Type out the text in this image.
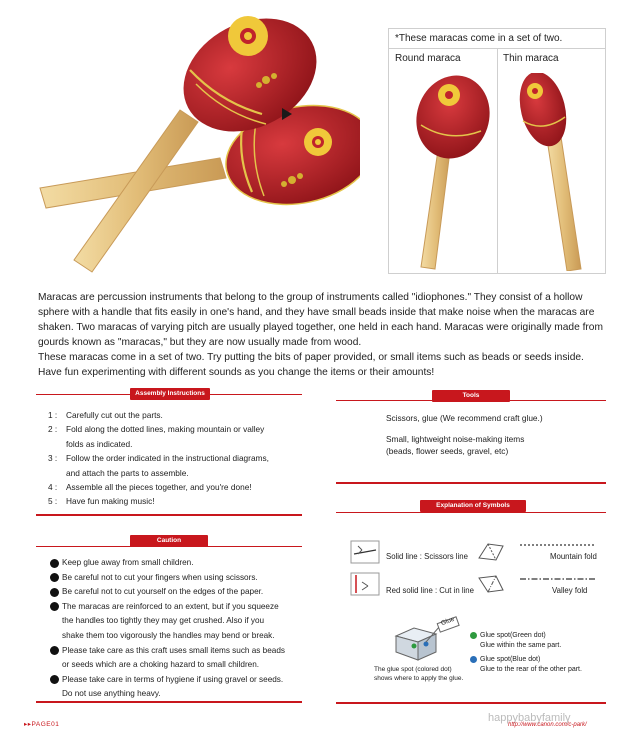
*These maracas come in a set of two.
Round maraca	Thin maraca

Maracas are percussion instruments that belong to the group of instruments called "idiophones." They consist of a hollow sphere with a handle that fits easily in one's hand, and they have small beads inside that make noise when the maracas are shaken. Two maracas of varying pitch are usually played together, one held in each hand. Maracas were originally made from gourds known as "maracas," but they are now usually made from wood.

These maracas come in a set of two. Try putting the bits of paper provided, or small items such as beads or seeds inside. Have fun experimenting with different sounds as you change the items or their amounts!

Assembly Instructions
1 :	Carefully cut out the parts.
2 :	Fold along the dotted lines, making mountain or valley
folds as indicated.
3 :	Follow the order indicated in the instructional diagrams,
and attach the parts to assemble.
4 :	Assemble all the pieces together, and you're done!
5 :	Have fun making music!
Tools
Scissors, glue (We recommend craft glue.)
Small, lightweight noise-making items
(beads, flower seeds, gravel, etc)
Caution
Keep glue away from small children.
Be careful not to cut your fingers when using scissors.
Be careful not to cut yourself on the edges of the paper.
The maracas are reinforced to an extent, but if you squeeze
the handles too tightly they may get crushed. Also if you
shake them too vigorously the handles may bend or break.
Please take care as this craft uses small items such as beads
or seeds which are a choking hazard to small children.
Please take care in terms of hygiene if using gravel or seeds.
Do not use anything heavy.
Explanation of Symbols
Solid line : Scissors line	Mountain fold
Red solid line : Cut in line	Valley fold
Glue
The glue spot (colored dot)
shows where to apply the glue.
Glue spot(Green dot)
Glue within the same part.
Glue spot(Blue dot)
Glue to the rear of the other part.
▸▸PAGE01
happybabyfamily
http://www.canon.com/c-park/
